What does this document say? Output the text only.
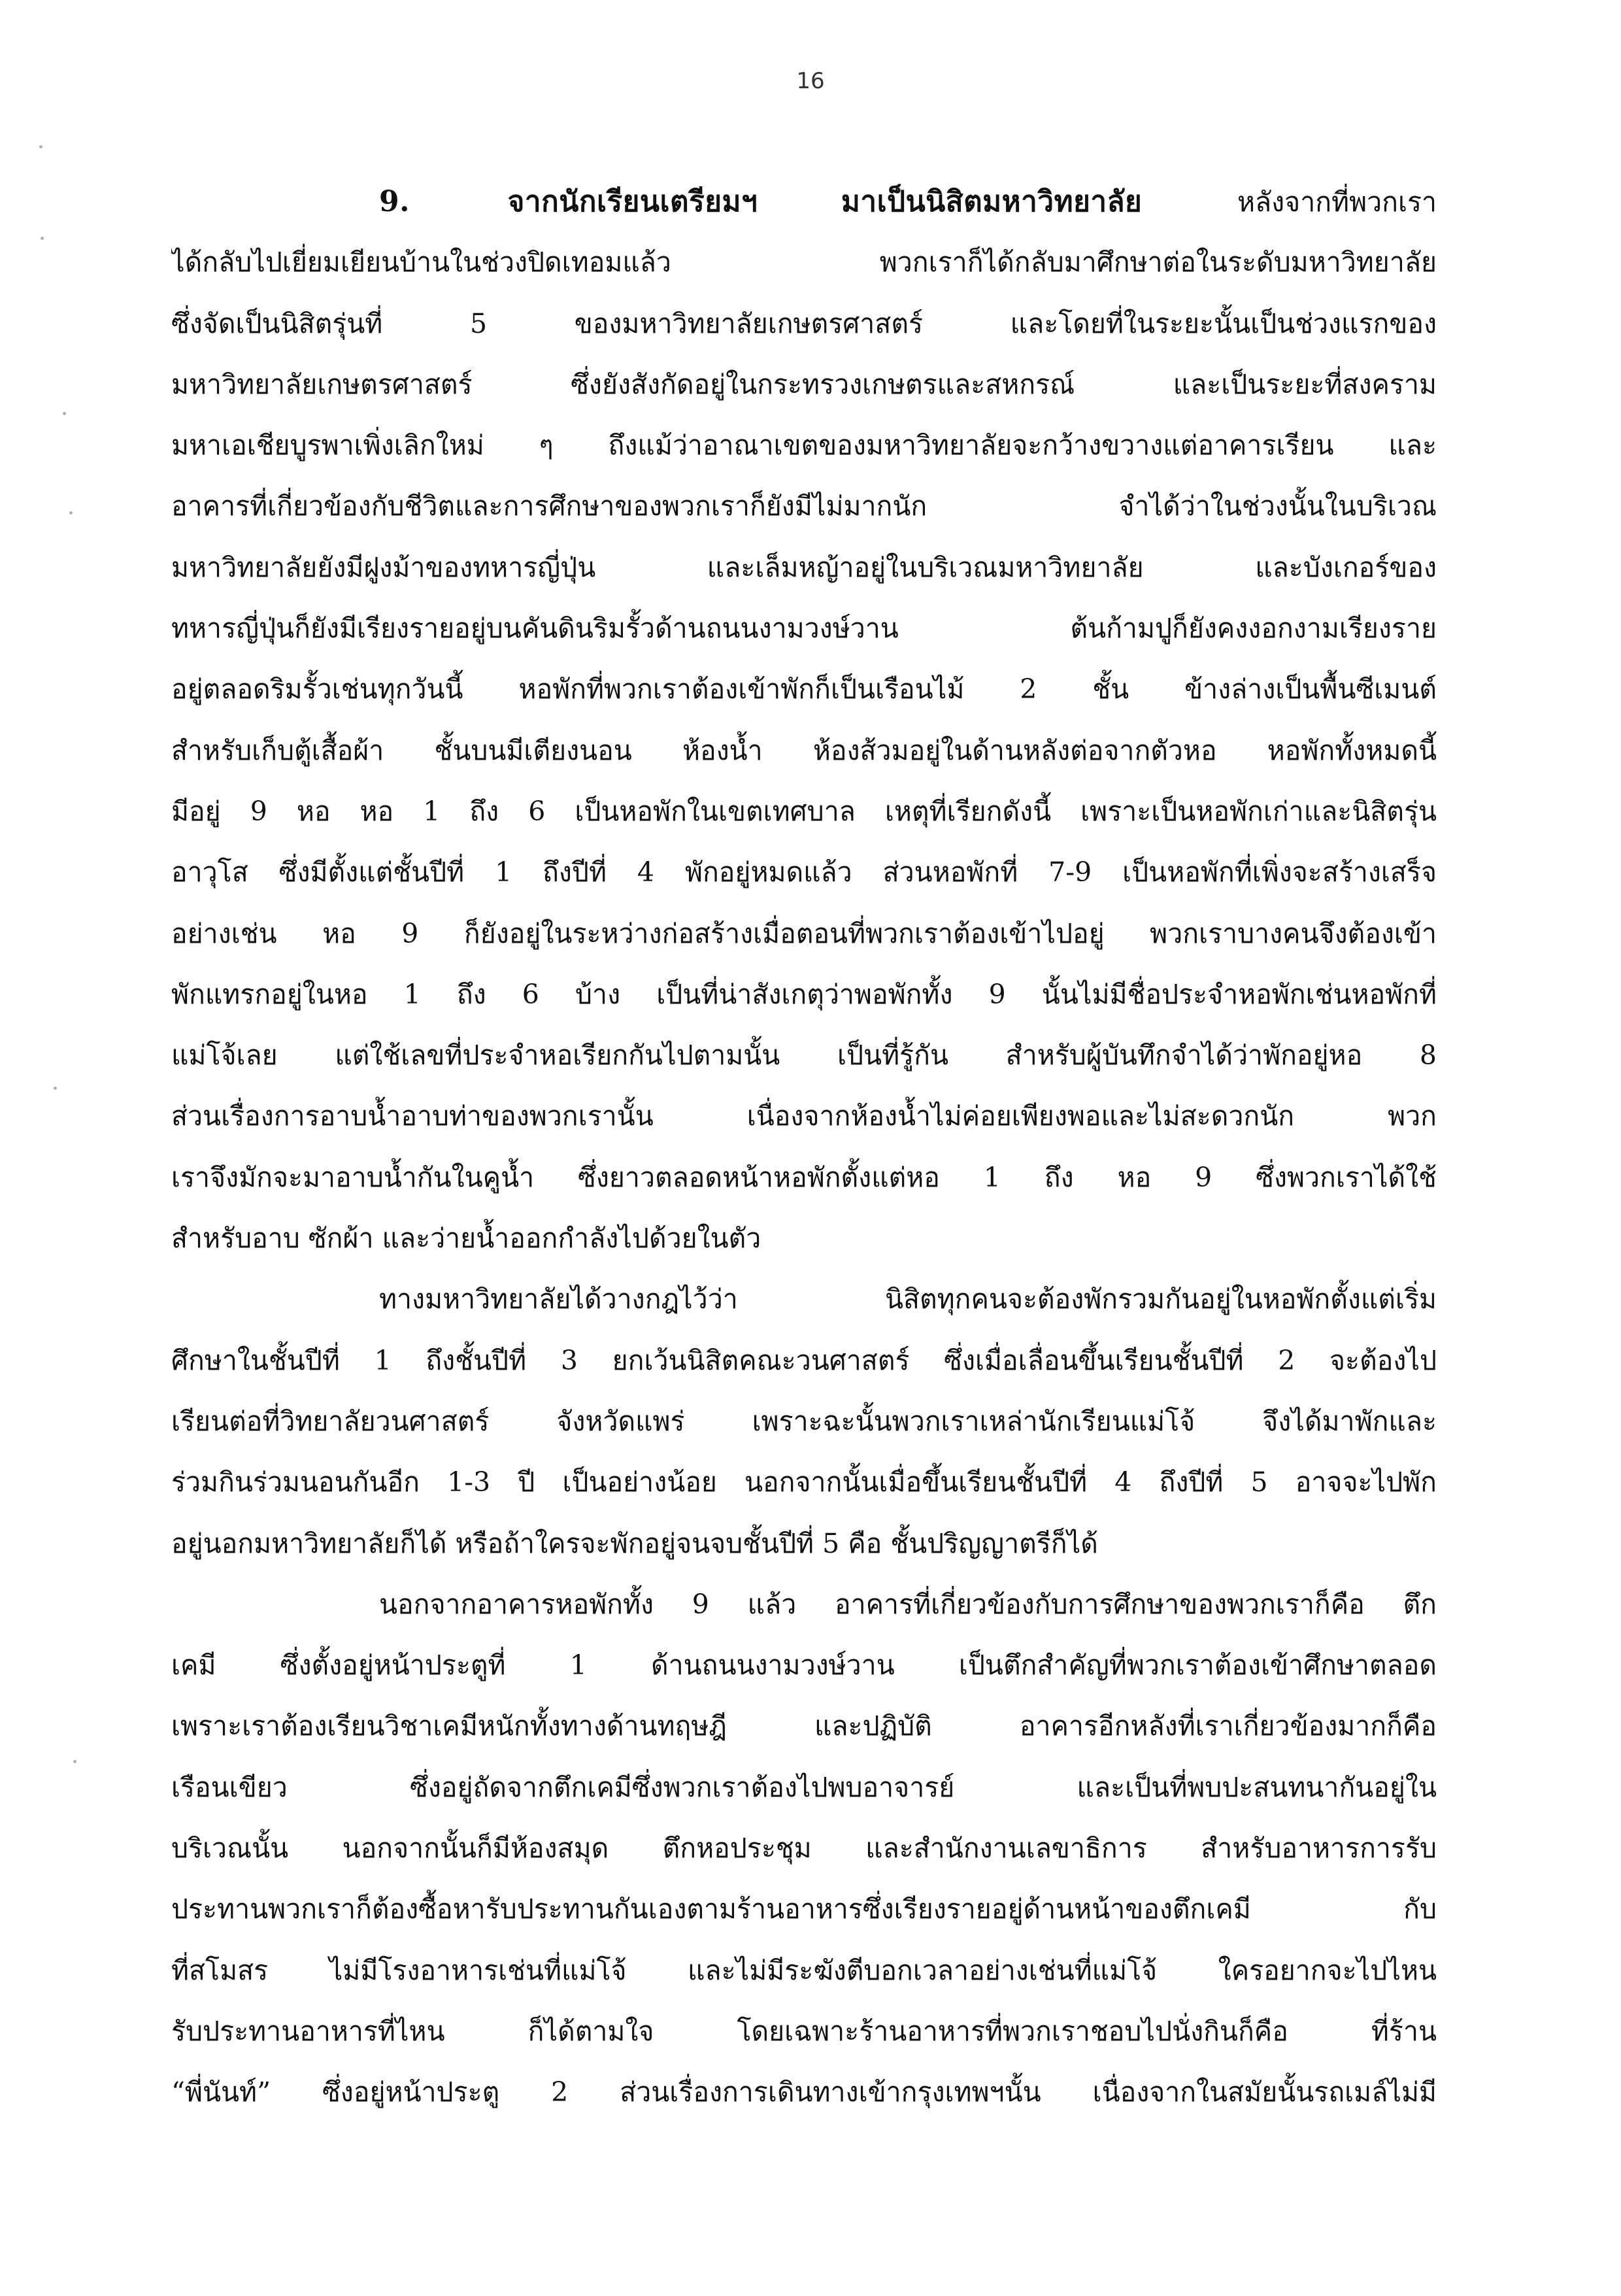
16
9.	จากนักเรียนเตรียมฯ มาเป็นนิสิตมหาวิทยาลัย	หลังจากที่พวกเรา
ได้กลับไปเยี่ยมเยียนบ้านในช่วงปิดเทอมแล้ว พวกเราก็ได้กลับมาศึกษาต่อในระดับมหาวิทยาลัย
ซึ่งจัดเป็นนิสิตรุ่นที่ 5 ของมหาวิทยาลัยเกษตรศาสตร์ และโดยที่ในระยะนั้นเป็นช่วงแรกของ
มหาวิทยาลัยเกษตรศาสตร์ ซึ่งยังสังกัดอยู่ในกระทรวงเกษตรและสหกรณ์ และเป็นระยะที่สงคราม
มหาเอเชียบูรพาเพิ่งเลิกใหม่ ๆ ถึงแม้ว่าอาณาเขตของมหาวิทยาลัยจะกว้างขวางแต่อาคารเรียน และ
อาคารที่เกี่ยวข้องกับชีวิตและการศึกษาของพวกเราก็ยังมีไม่มากนัก จำได้ว่าในช่วงนั้นในบริเวณ
มหาวิทยาลัยยังมีฝูงม้าของทหารญี่ปุ่น และเล็มหญ้าอยู่ในบริเวณมหาวิทยาลัย และบังเกอร์ของ
ทหารญี่ปุ่นก็ยังมีเรียงรายอยู่บนคันดินริมรั้วด้านถนนงามวงษ์วาน ต้นก้ามปูก็ยังคงงอกงามเรียงราย
อยู่ตลอดริมรั้วเช่นทุกวันนี้ หอพักที่พวกเราต้องเข้าพักก็เป็นเรือนไม้ 2 ชั้น ข้างล่างเป็นพื้นซีเมนต์
สำหรับเก็บตู้เสื้อผ้า ชั้นบนมีเตียงนอน ห้องน้ำ ห้องส้วมอยู่ในด้านหลังต่อจากตัวหอ หอพักทั้งหมดนี้
มีอยู่ 9 หอ หอ 1 ถึง 6 เป็นหอพักในเขตเทศบาล เหตุที่เรียกดังนี้ เพราะเป็นหอพักเก่าและนิสิตรุ่น
อาวุโส ซึ่งมีตั้งแต่ชั้นปีที่ 1 ถึงปีที่ 4 พักอยู่หมดแล้ว ส่วนหอพักที่ 7-9 เป็นหอพักที่เพิ่งจะสร้างเสร็จ
อย่างเช่น หอ 9 ก็ยังอยู่ในระหว่างก่อสร้างเมื่อตอนที่พวกเราต้องเข้าไปอยู่ พวกเราบางคนจึงต้องเข้า
พักแทรกอยู่ในหอ 1 ถึง 6 บ้าง เป็นที่น่าสังเกตุว่าพอพักทั้ง 9 นั้นไม่มีชื่อประจำหอพักเช่นหอพักที่
แม่โจ้เลย แต่ใช้เลขที่ประจำหอเรียกกันไปตามนั้น เป็นที่รู้กัน สำหรับผู้บันทึกจำได้ว่าพักอยู่หอ 8
ส่วนเรื่องการอาบน้ำอาบท่าของพวกเรานั้น เนื่องจากห้องน้ำไม่ค่อยเพียงพอและไม่สะดวกนัก พวก
เราจึงมักจะมาอาบน้ำกันในคูน้ำ ซึ่งยาวตลอดหน้าหอพักตั้งแต่หอ 1 ถึง หอ 9 ซึ่งพวกเราได้ใช้
สำหรับอาบ ซักผ้า และว่ายน้ำออกกำลังไปด้วยในตัว
ทางมหาวิทยาลัยได้วางกฎไว้ว่า นิสิตทุกคนจะต้องพักรวมกันอยู่ในหอพักตั้งแต่เริ่ม
ศึกษาในชั้นปีที่ 1 ถึงชั้นปีที่ 3 ยกเว้นนิสิตคณะวนศาสตร์ ซึ่งเมื่อเลื่อนขึ้นเรียนชั้นปีที่ 2 จะต้องไป
เรียนต่อที่วิทยาลัยวนศาสตร์ จังหวัดแพร่ เพราะฉะนั้นพวกเราเหล่านักเรียนแม่โจ้ จึงได้มาพักและ
ร่วมกินร่วมนอนกันอีก 1-3 ปี เป็นอย่างน้อย นอกจากนั้นเมื่อขึ้นเรียนชั้นปีที่ 4 ถึงปีที่ 5 อาจจะไปพัก
อยู่นอกมหาวิทยาลัยก็ได้ หรือถ้าใครจะพักอยู่จนจบชั้นปีที่ 5 คือ ชั้นปริญญาตรีก็ได้
นอกจากอาคารหอพักทั้ง 9 แล้ว อาคารที่เกี่ยวข้องกับการศึกษาของพวกเราก็คือ ตึก
เคมี ซึ่งตั้งอยู่หน้าประตูที่ 1 ด้านถนนงามวงษ์วาน เป็นตึกสำคัญที่พวกเราต้องเข้าศึกษาตลอด
เพราะเราต้องเรียนวิชาเคมีหนักทั้งทางด้านทฤษฎี และปฏิบัติ อาคารอีกหลังที่เราเกี่ยวข้องมากก็คือ
เรือนเขียว ซึ่งอยู่ถัดจากตึกเคมีซึ่งพวกเราต้องไปพบอาจารย์ และเป็นที่พบปะสนทนากันอยู่ใน
บริเวณนั้น นอกจากนั้นก็มีห้องสมุด ตึกหอประชุม และสำนักงานเลขาธิการ สำหรับอาหารการรับ
ประทานพวกเราก็ต้องซื้อหารับประทานกันเองตามร้านอาหารซึ่งเรียงรายอยู่ด้านหน้าของตึกเคมี กับ
ที่สโมสร ไม่มีโรงอาหารเช่นที่แม่โจ้ และไม่มีระฆังตีบอกเวลาอย่างเช่นที่แม่โจ้ ใครอยากจะไปไหน
รับประทานอาหารที่ไหน ก็ได้ตามใจ โดยเฉพาะร้านอาหารที่พวกเราชอบไปนั่งกินก็คือ ที่ร้าน
“พี่นันท์” ซึ่งอยู่หน้าประตู 2 ส่วนเรื่องการเดินทางเข้ากรุงเทพฯนั้น เนื่องจากในสมัยนั้นรถเมล์ไม่มี
